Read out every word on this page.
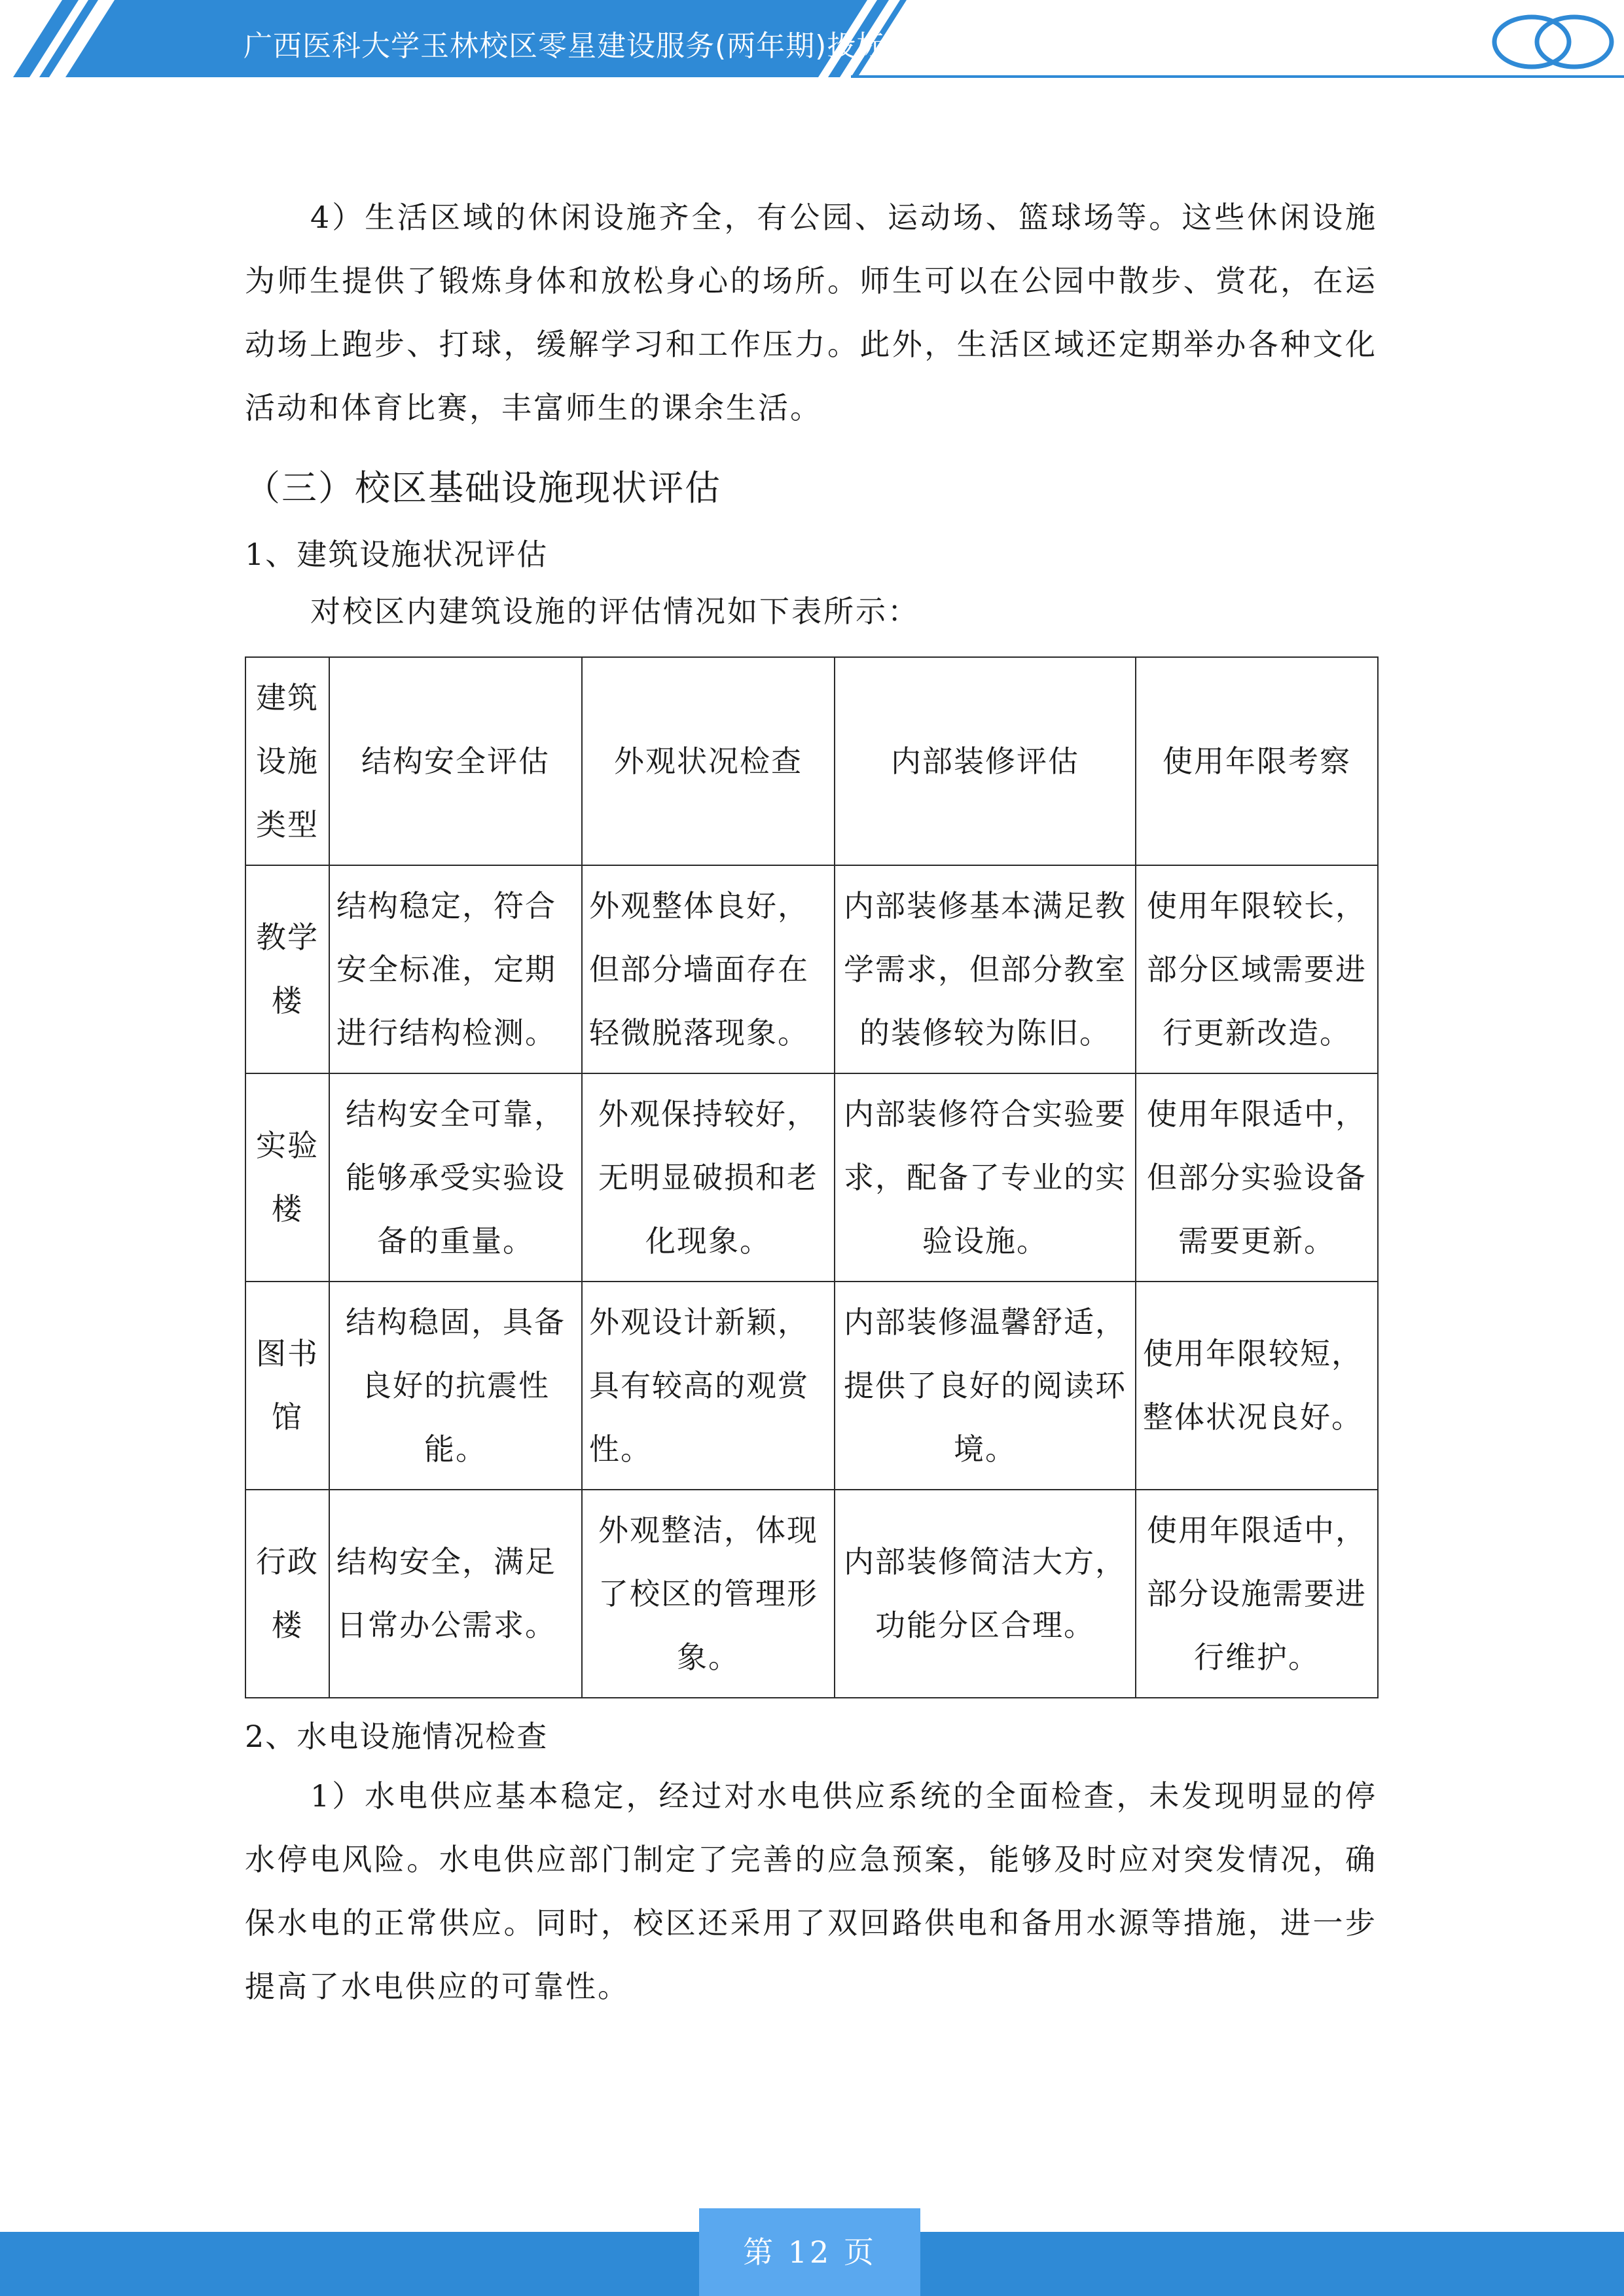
广西医科大学玉林校区零星建设服务(两年期)投标方案(技术标)

4）生活区域的休闲设施齐全，有公园、运动场、篮球场等。这些休闲设施为师生提供了锻炼身体和放松身心的场所。师生可以在公园中散步、赏花，在运动场上跑步、打球，缓解学习和工作压力。此外，生活区域还定期举办各种文化活动和体育比赛，丰富师生的课余生活。

（三）校区基础设施现状评估
1、建筑设施状况评估

对校区内建筑设施的评估情况如下表所示：

建筑设施类型	结构安全评估	外观状况检查	内部装修评估	使用年限考察
教学楼	结构稳定，符合安全标准，定期进行结构检测。	外观整体良好，但部分墙面存在轻微脱落现象。	内部装修基本满足教学需求，但部分教室的装修较为陈旧。	使用年限较长，部分区域需要进行更新改造。
实验楼	结构安全可靠，能够承受实验设备的重量。	外观保持较好，无明显破损和老化现象。	内部装修符合实验要求，配备了专业的实验设施。	使用年限适中，但部分实验设备需要更新。
图书馆	结构稳固，具备良好的抗震性能。	外观设计新颖，具有较高的观赏性。	内部装修温馨舒适，提供了良好的阅读环境。	使用年限较短，整体状况良好。
行政楼	结构安全，满足日常办公需求。	外观整洁，体现了校区的管理形象。	内部装修简洁大方，功能分区合理。	使用年限适中，部分设施需要进行维护。
2、水电设施情况检查

1）水电供应基本稳定，经过对水电供应系统的全面检查，未发现明显的停水停电风险。水电供应部门制定了完善的应急预案，能够及时应对突发情况，确保水电的正常供应。同时，校区还采用了双回路供电和备用水源等措施，进一步提高了水电供应的可靠性。

第 12 页
